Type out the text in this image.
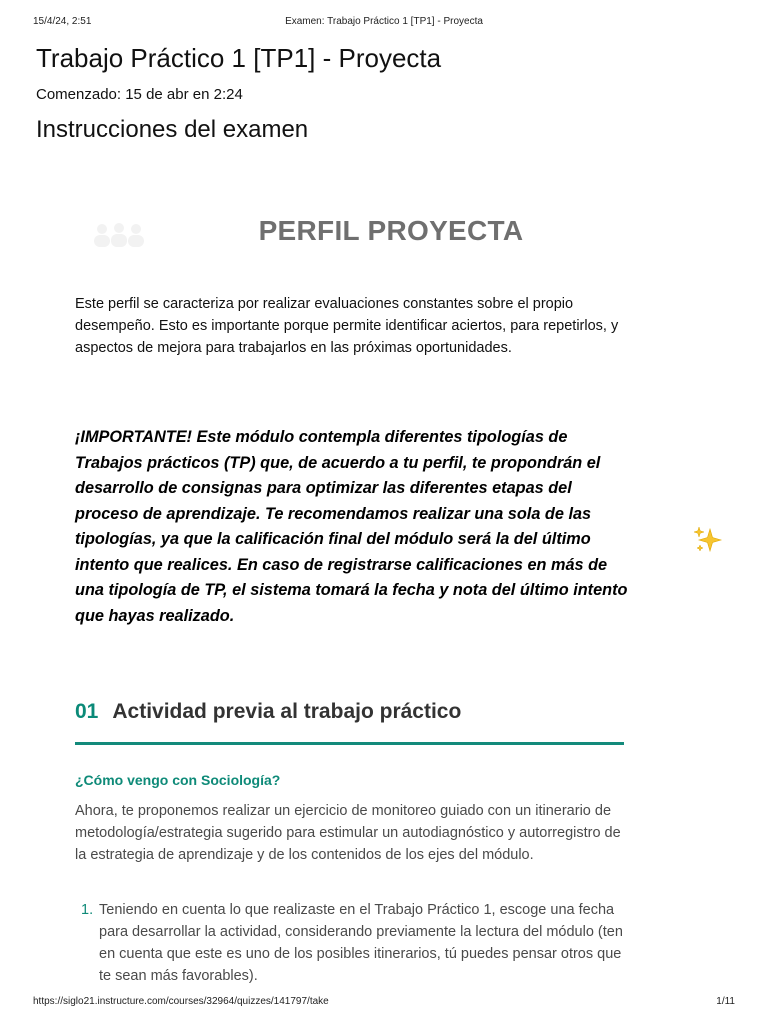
15/4/24, 2:51	Examen: Trabajo Práctico 1 [TP1] - Proyecta
Trabajo Práctico 1 [TP1] - Proyecta
Comenzado: 15 de abr en 2:24
Instrucciones del examen
PERFIL PROYECTA

Este perfil se caracteriza por realizar evaluaciones constantes sobre el propio desempeño. Esto es importante porque permite identificar aciertos, para repetirlos, y aspectos de mejora para trabajarlos en las próximas oportunidades.

¡IMPORTANTE! Este módulo contempla diferentes tipologías de Trabajos prácticos (TP) que, de acuerdo a tu perfil, te propondrán el desarrollo de consignas para optimizar las diferentes etapas del proceso de aprendizaje. Te recomendamos realizar una sola de las tipologías, ya que la calificación final del módulo será la del último intento que realices. En caso de registrarse calificaciones en más de una tipología de TP, el sistema tomará la fecha y nota del último intento que hayas realizado.

01 Actividad previa al trabajo práctico
¿Cómo vengo con Sociología?

Ahora, te proponemos realizar un ejercicio de monitoreo guiado con un itinerario de metodología/estrategia sugerido para estimular un autodiagnóstico y autorregistro de la estrategia de aprendizaje y de los contenidos de los ejes del módulo.

1. Teniendo en cuenta lo que realizaste en el Trabajo Práctico 1, escoge una fecha para desarrollar la actividad, considerando previamente la lectura del módulo (ten en cuenta que este es uno de los posibles itinerarios, tú puedes pensar otros que te sean más favorables).
https://siglo21.instructure.com/courses/32964/quizzes/141797/take	1/11
